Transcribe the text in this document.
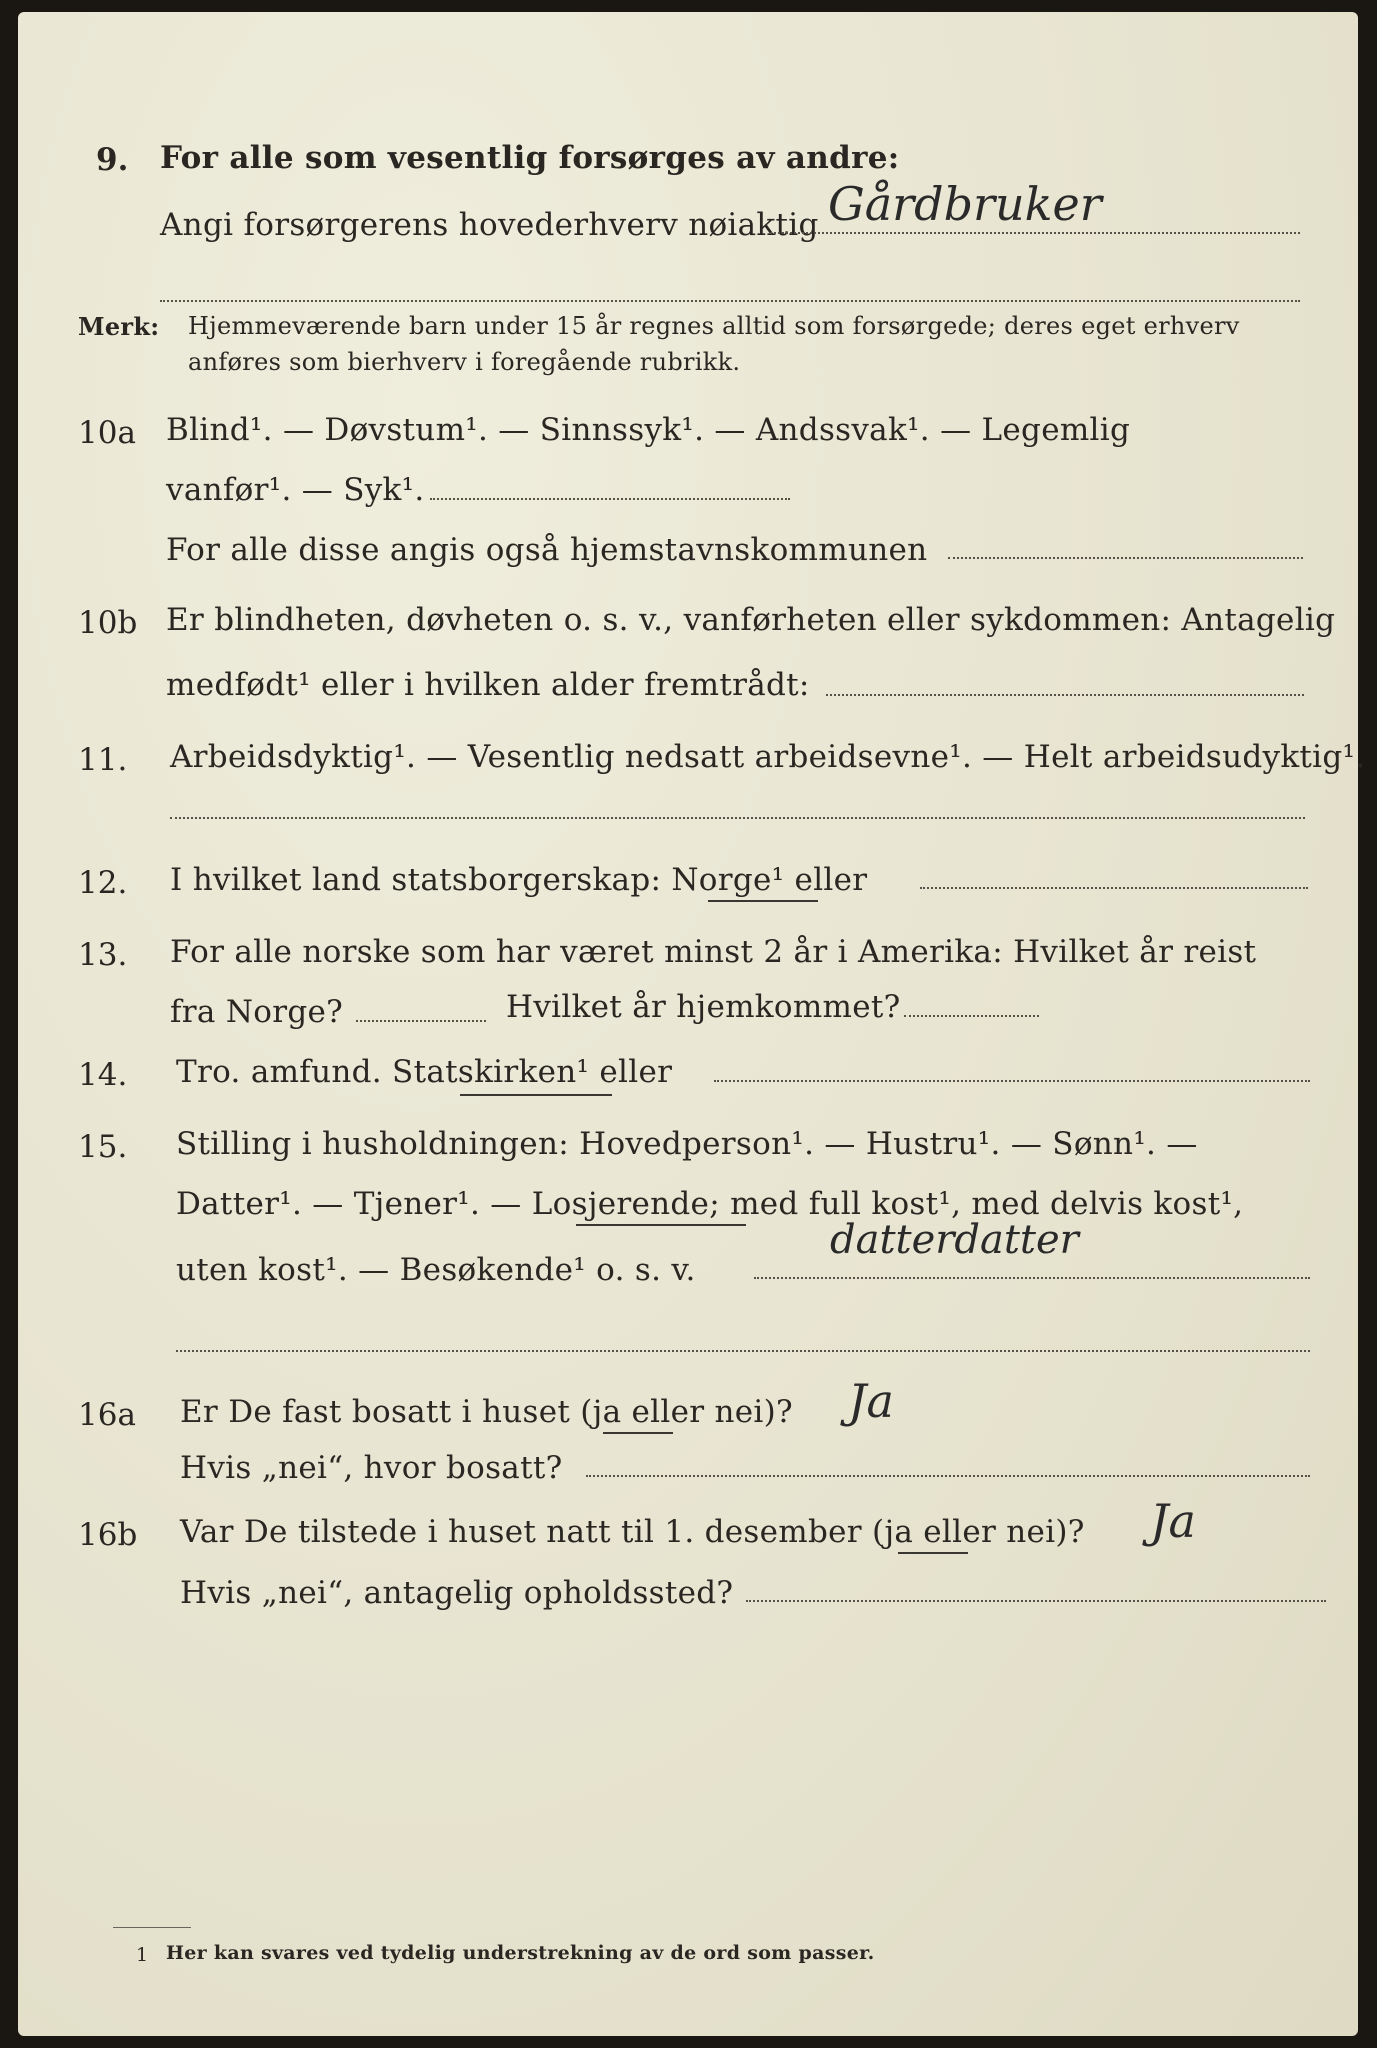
9. For alle som vesentlig forsørges av andre:
Angi forsørgerens hovederhverv nøiaktig Gårdbruker
Merk: Hjemmeværende barn under 15 år regnes alltid som forsørgede; deres eget erhverv
anføres som bierhverv i foregående rubrikk.
10a Blind¹. — Døvstum¹. — Sinnssyk¹. — Andssvak¹. — Legemlig
vanfør¹. — Syk¹.
For alle disse angis også hjemstavnskommunen
10b Er blindheten, døvheten o. s. v., vanførheten eller sykdommen: Antagelig
medfødt¹ eller i hvilken alder fremtrådt:
11. Arbeidsdyktig¹. — Vesentlig nedsatt arbeidsevne¹. — Helt arbeidsudyktig¹.
12. I hvilket land statsborgerskap: Norge¹ eller
13. For alle norske som har været minst 2 år i Amerika: Hvilket år reist
fra Norge?	Hvilket år hjemkommet?
14. Tro. amfund. Statskirken¹ eller
15. Stilling i husholdningen: Hovedperson¹. — Hustru¹. — Sønn¹. —
Datter¹. — Tjener¹. — Losjerende; med full kost¹, med delvis kost¹,
uten kost¹. — Besøkende¹ o. s. v.
datterdatter
16a Er De fast bosatt i huset (ja eller nei)? Ja
Hvis „nei“, hvor bosatt?
16b Var De tilstede i huset natt til 1. desember (ja eller nei)? Ja
Hvis „nei“, antagelig opholdssted?
1 Her kan svares ved tydelig understrekning av de ord som passer.
